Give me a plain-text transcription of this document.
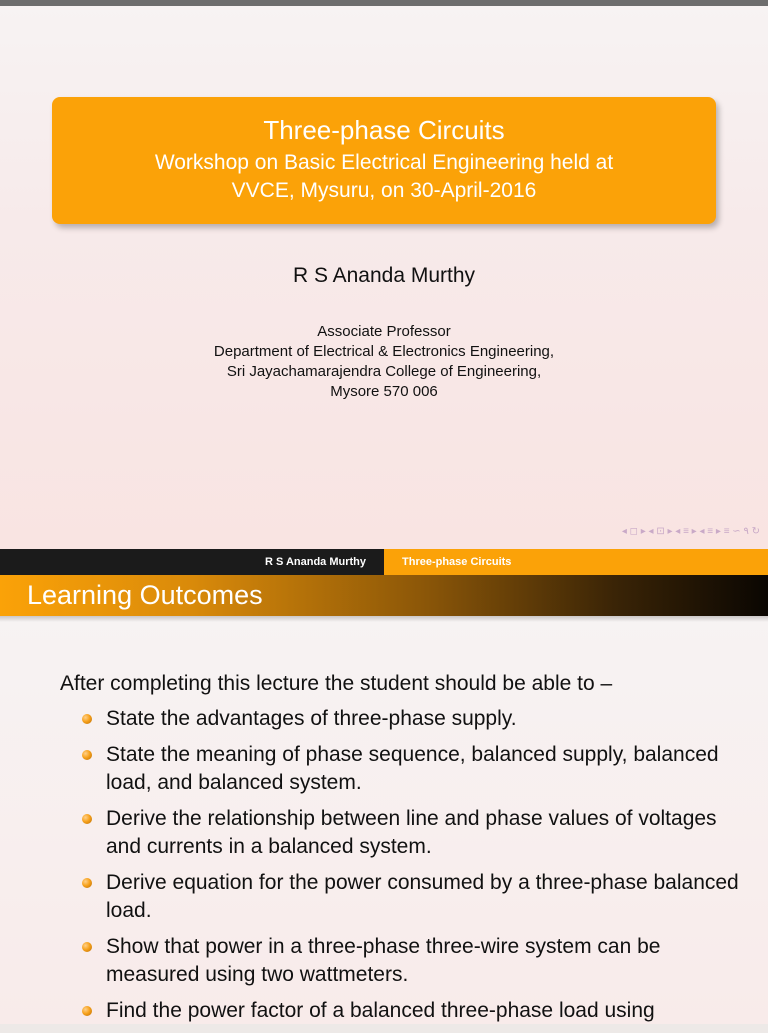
Three-phase Circuits
Workshop on Basic Electrical Engineering held at
VVCE, Mysuru, on 30-April-2016
R S Ananda Murthy
Associate Professor
Department of Electrical & Electronics Engineering,
Sri Jayachamarajendra College of Engineering,
Mysore 570 006
◂ ◻ ▸ ◂ ⊡ ▸ ◂ ≡ ▸ ◂ ≡ ▸ ≡ ∽ ۹ ↻
R S Ananda Murthy	Three-phase Circuits
Learning Outcomes
After completing this lecture the student should be able to –
State the advantages of three-phase supply.
State the meaning of phase sequence, balanced supply, balanced load, and balanced system.
Derive the relationship between line and phase values of voltages and currents in a balanced system.
Derive equation for the power consumed by a three-phase balanced load.
Show that power in a three-phase three-wire system can be measured using two wattmeters.
Find the power factor of a balanced three-phase load using
